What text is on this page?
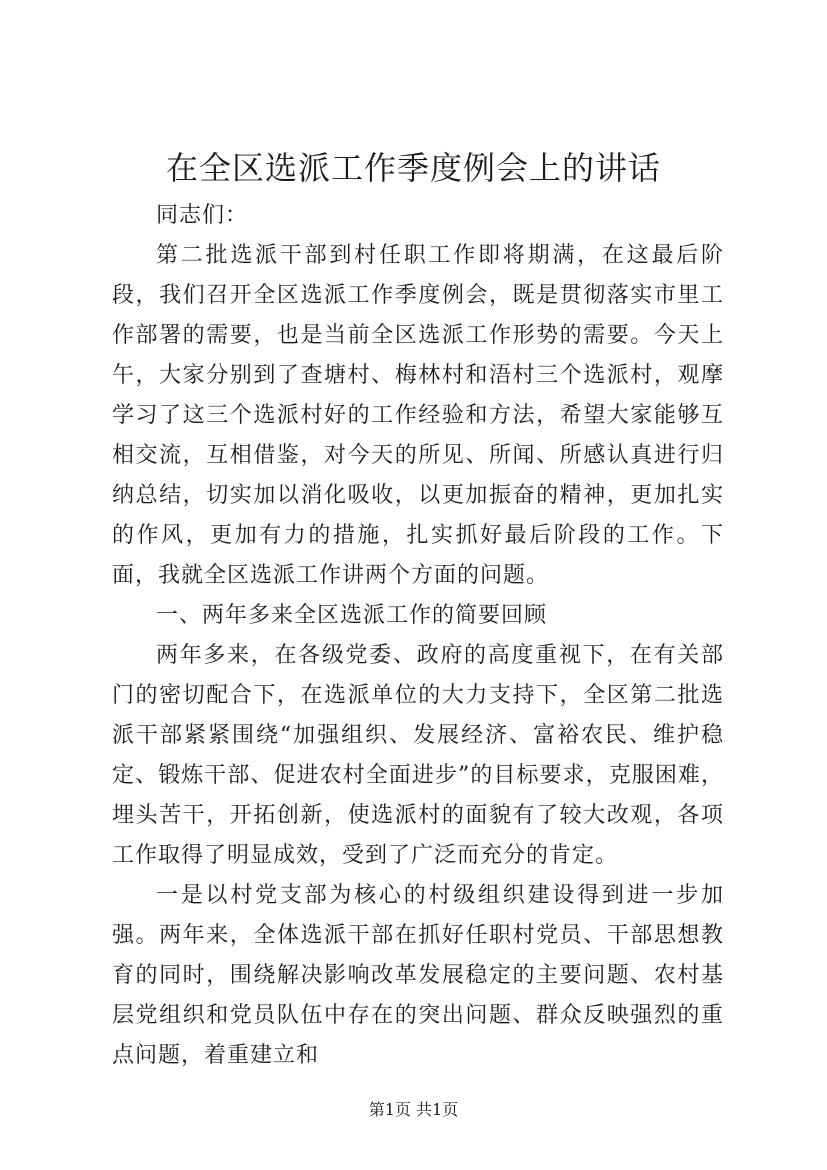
在全区选派工作季度例会上的讲话

同志们：

第二批选派干部到村任职工作即将期满，在这最后阶段，我们召开全区选派工作季度例会，既是贯彻落实市里工作部署的需要，也是当前全区选派工作形势的需要。今天上午，大家分别到了查塘村、梅林村和浯村三个选派村，观摩学习了这三个选派村好的工作经验和方法，希望大家能够互相交流，互相借鉴，对今天的所见、所闻、所感认真进行归纳总结，切实加以消化吸收，以更加振奋的精神，更加扎实的作风，更加有力的措施，扎实抓好最后阶段的工作。下面，我就全区选派工作讲两个方面的问题。

一、两年多来全区选派工作的简要回顾

两年多来，在各级党委、政府的高度重视下，在有关部门的密切配合下，在选派单位的大力支持下，全区第二批选派干部紧紧围绕“加强组织、发展经济、富裕农民、维护稳定、锻炼干部、促进农村全面进步”的目标要求，克服困难，埋头苦干，开拓创新，使选派村的面貌有了较大改观，各项工作取得了明显成效，受到了广泛而充分的肯定。

一是以村党支部为核心的村级组织建设得到进一步加强。两年来，全体选派干部在抓好任职村党员、干部思想教育的同时，围绕解决影响改革发展稳定的主要问题、农村基层党组织和党员队伍中存在的突出问题、群众反映强烈的重点问题，着重建立和

第1页 共1页
